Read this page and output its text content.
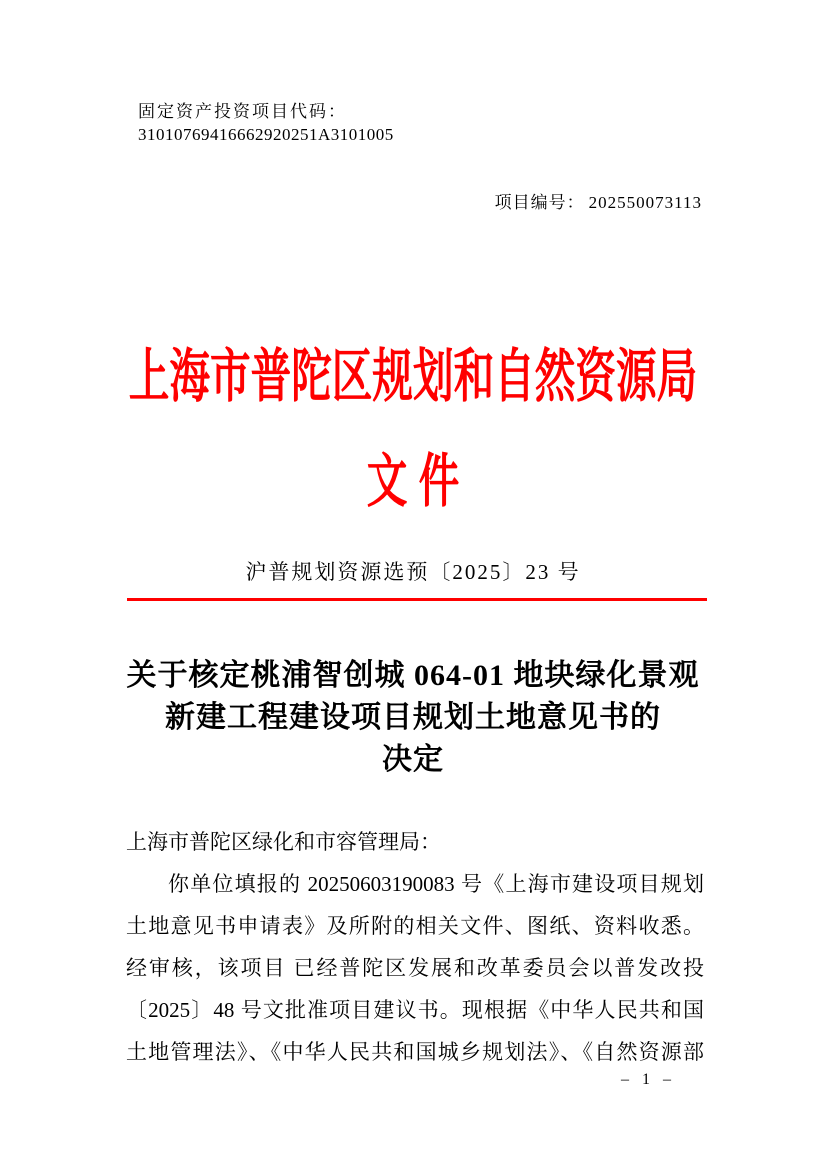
固定资产投资项目代码：
31010769416662920251A3101005
项目编号： 202550073113
上海市普陀区规划和自然资源局
文件
沪普规划资源选预〔2025〕23 号
关于核定桃浦智创城 064-01 地块绿化景观
新建工程建设项目规划土地意见书的
决定

上海市普陀区绿化和市容管理局：

你单位填报的 20250603190083 号《上海市建设项目规划

土地意见书申请表》及所附的相关文件、图纸、资料收悉。

经审核，该项目 已经普陀区发展和改革委员会以普发改投

〔2025〕48 号文批准项目建议书。现根据《中华人民共和国

土地管理法》、《中华人民共和国城乡规划法》、《自然资源部

– 1 –
